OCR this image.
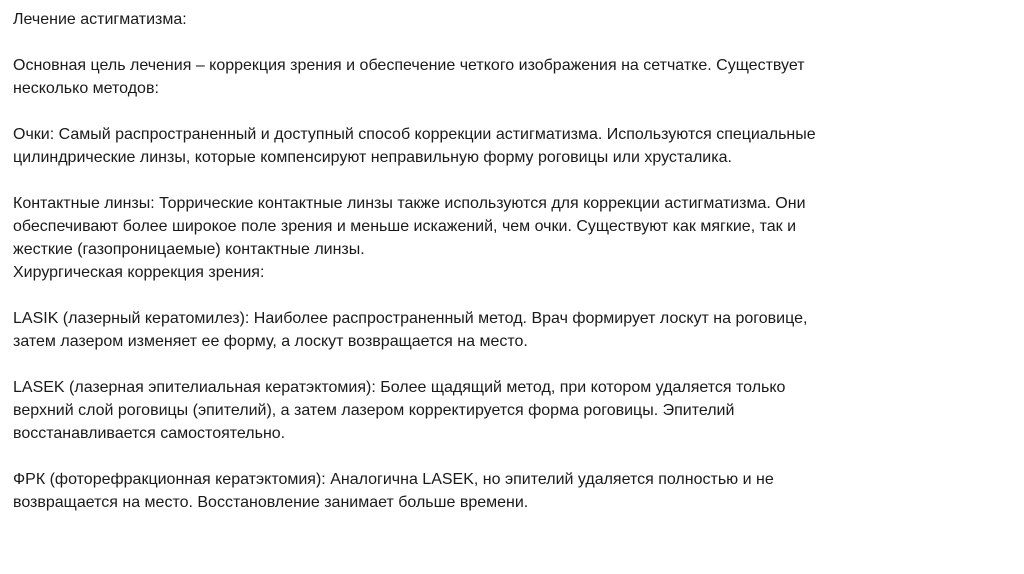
Лечение астигматизма:
Основная цель лечения – коррекция зрения и обеспечение четкого изображения на сетчатке. Существует
несколько методов:
Очки: Самый распространенный и доступный способ коррекции астигматизма. Используются специальные
цилиндрические линзы, которые компенсируют неправильную форму роговицы или хрусталика.
Контактные линзы: Торрические контактные линзы также используются для коррекции астигматизма. Они
обеспечивают более широкое поле зрения и меньше искажений, чем очки. Существуют как мягкие, так и
жесткие (газопроницаемые) контактные линзы.
Хирургическая коррекция зрения:
LASIK (лазерный кератомилез): Наиболее распространенный метод. Врач формирует лоскут на роговице,
затем лазером изменяет ее форму, а лоскут возвращается на место.
LASEK (лазерная эпителиальная кератэктомия): Более щадящий метод, при котором удаляется только
верхний слой роговицы (эпителий), а затем лазером корректируется форма роговицы. Эпителий
восстанавливается самостоятельно.
ФРК (фоторефракционная кератэктомия): Аналогична LASEK, но эпителий удаляется полностью и не
возвращается на место. Восстановление занимает больше времени.
